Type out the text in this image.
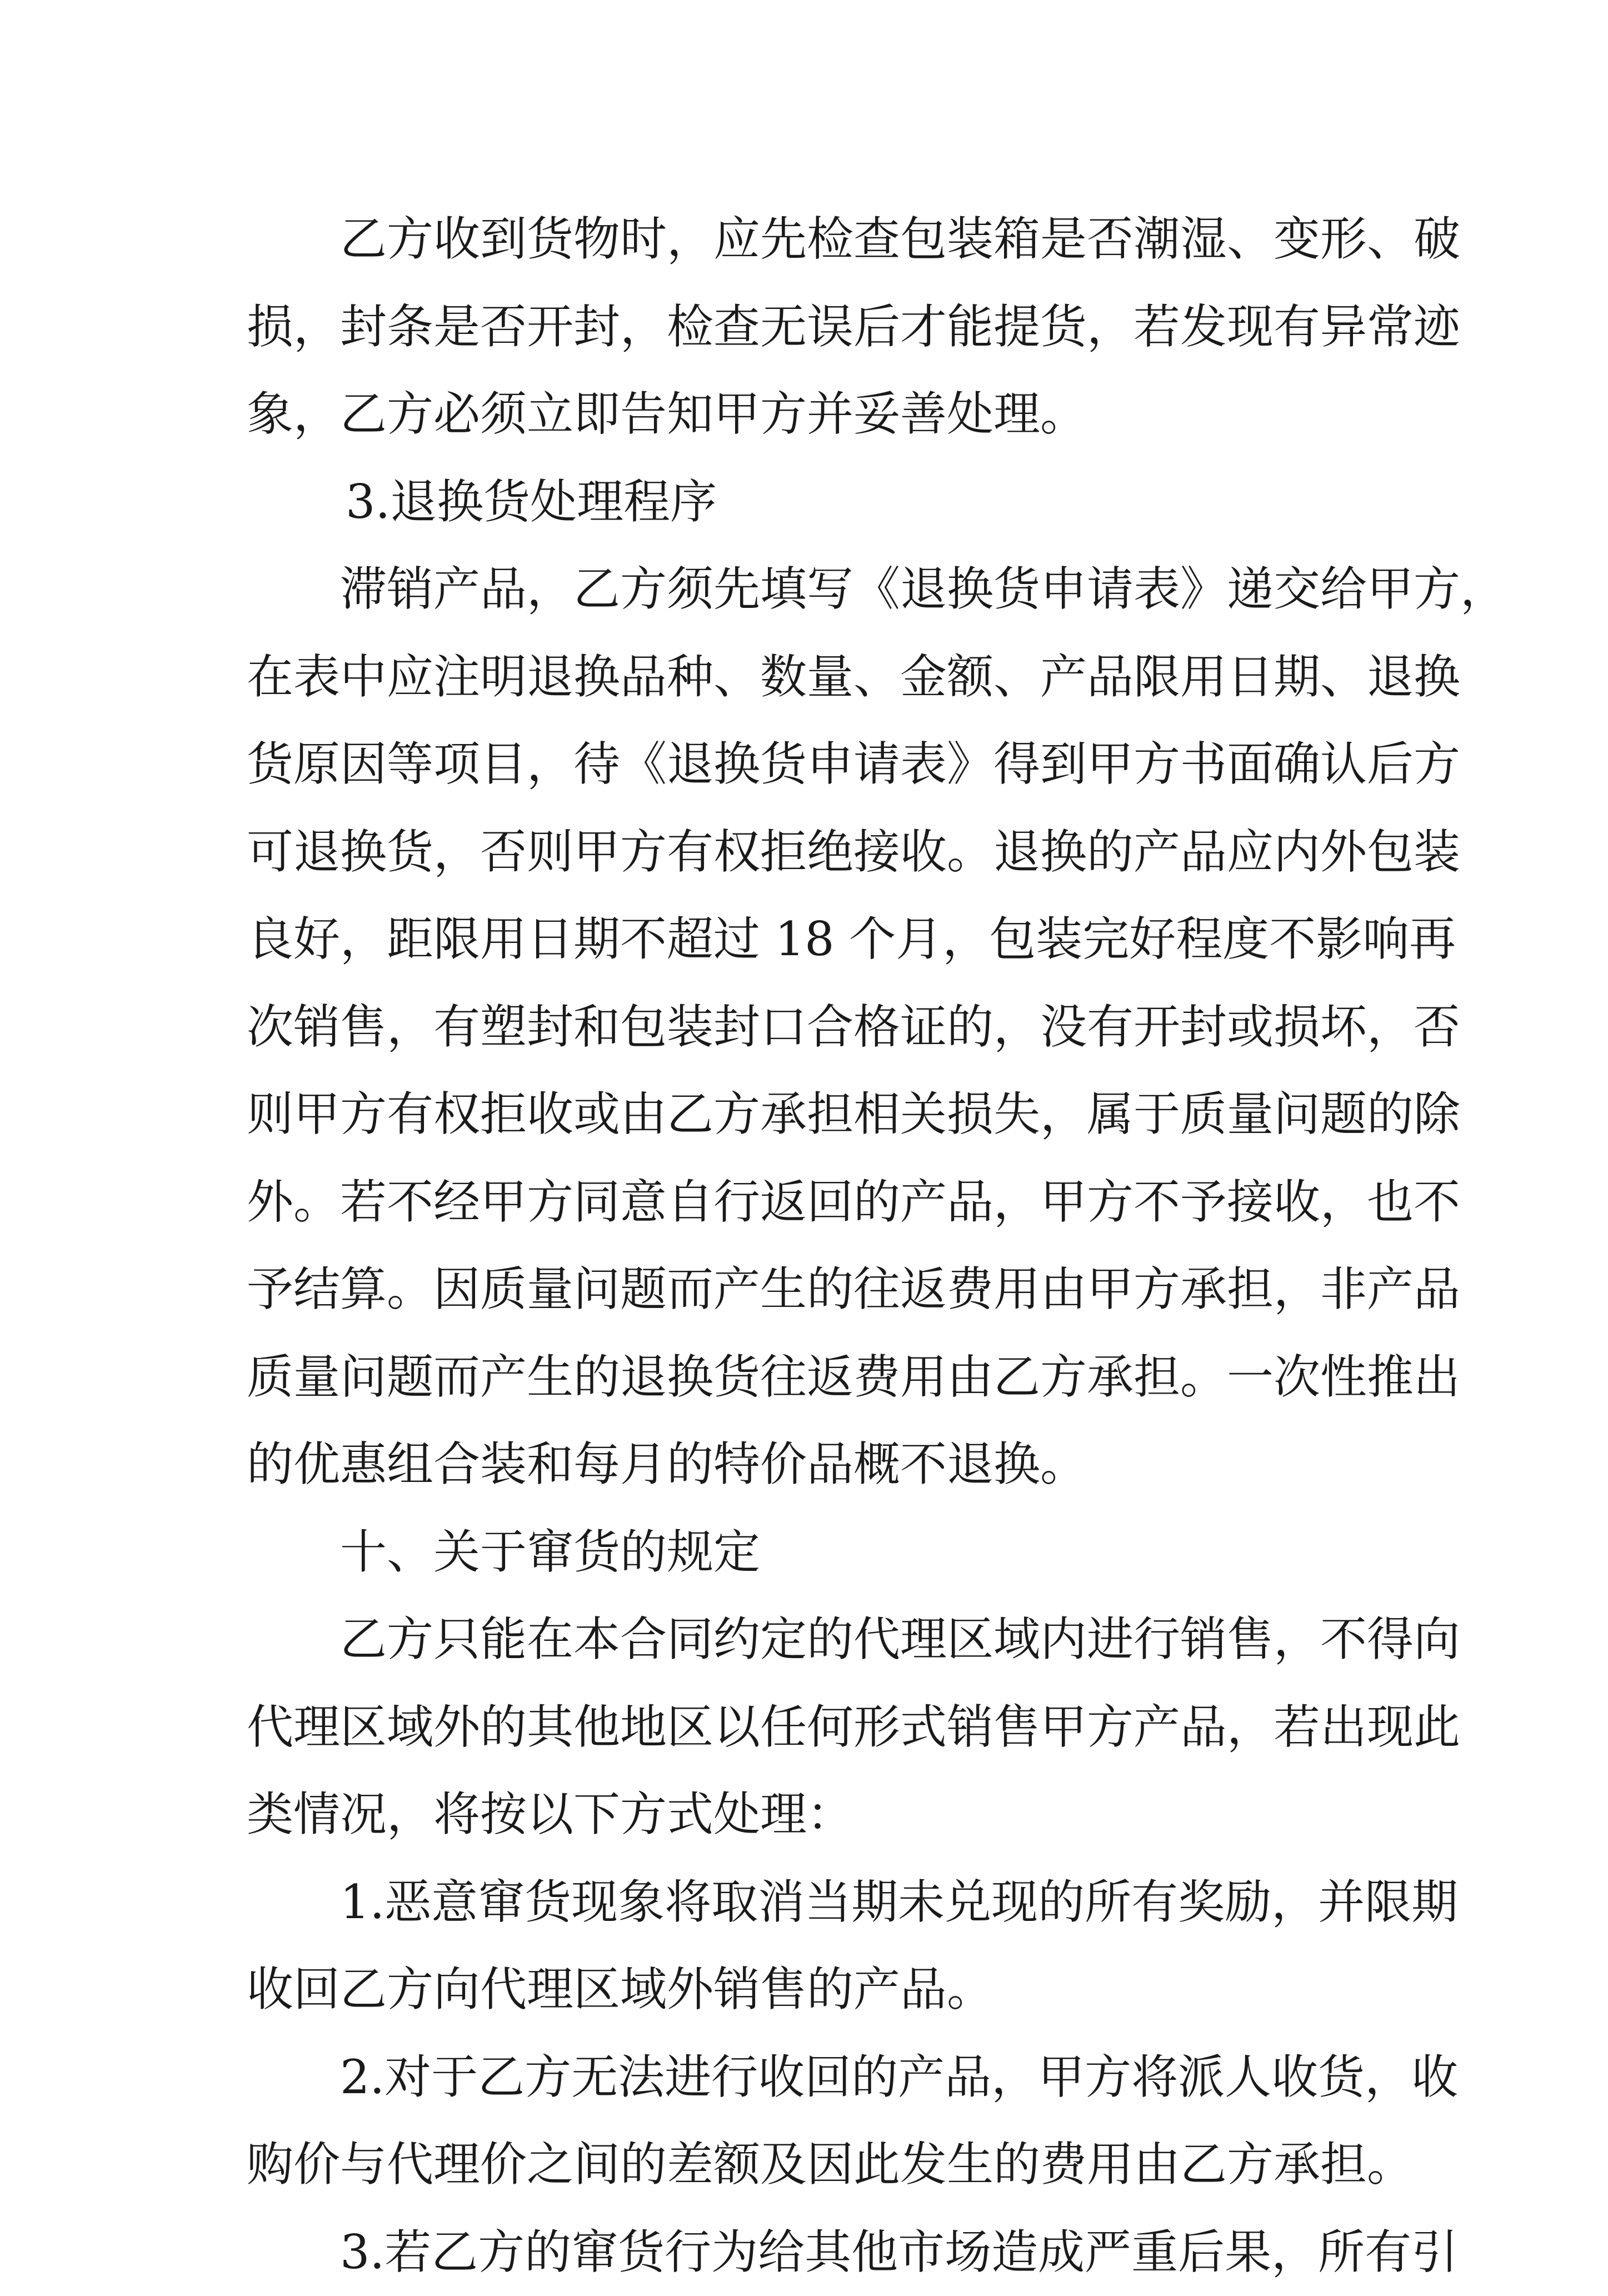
乙方收到货物时，应先检查包装箱是否潮湿、变形、破
损，封条是否开封，检查无误后才能提货，若发现有异常迹
象，乙方必须立即告知甲方并妥善处理。
3.退换货处理程序
滞销产品，乙方须先填写《退换货申请表》递交给甲方，
在表中应注明退换品种、数量、金额、产品限用日期、退换
货原因等项目，待《退换货申请表》得到甲方书面确认后方
可退换货，否则甲方有权拒绝接收。退换的产品应内外包装
良好，距限用日期不超过 18 个月，包装完好程度不影响再
次销售，有塑封和包装封口合格证的，没有开封或损坏，否
则甲方有权拒收或由乙方承担相关损失，属于质量问题的除
外。若不经甲方同意自行返回的产品，甲方不予接收，也不
予结算。因质量问题而产生的往返费用由甲方承担，非产品
质量问题而产生的退换货往返费用由乙方承担。一次性推出
的优惠组合装和每月的特价品概不退换。
十、关于窜货的规定
乙方只能在本合同约定的代理区域内进行销售，不得向
代理区域外的其他地区以任何形式销售甲方产品，若出现此
类情况，将按以下方式处理：
1.恶意窜货现象将取消当期未兑现的所有奖励，并限期
收回乙方向代理区域外销售的产品。
2.对于乙方无法进行收回的产品，甲方将派人收货，收
购价与代理价之间的差额及因此发生的费用由乙方承担。
3.若乙方的窜货行为给其他市场造成严重后果，所有引
